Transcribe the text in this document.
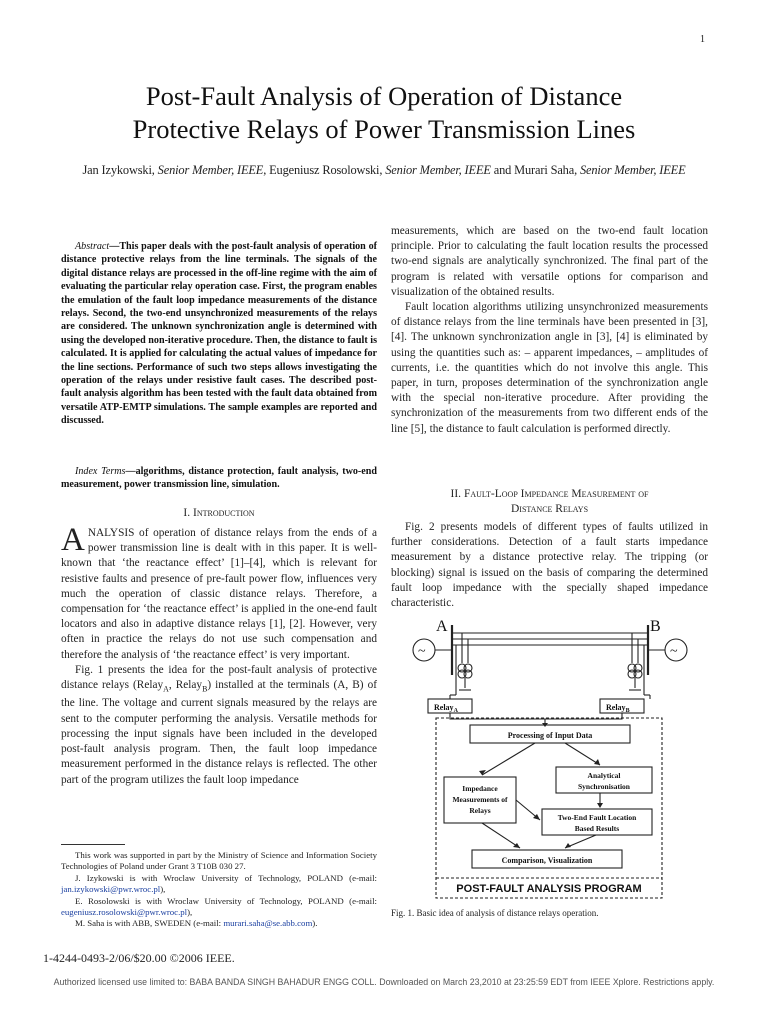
1
Post-Fault Analysis of Operation of Distance
Protective Relays of Power Transmission Lines
Jan Izykowski, Senior Member, IEEE, Eugeniusz Rosolowski, Senior Member, IEEE and Murari Saha, Senior Member, IEEE

Abstract—This paper deals with the post-fault analysis of operation of distance protective relays from the line terminals. The signals of the digital distance relays are processed in the off-line regime with the aim of evaluating the particular relay operation case. First, the program enables the emulation of the fault loop impedance measurements of the distance relays. Second, the two-end unsynchronized measurements of the relays are considered. The unknown synchronization angle is determined with using the developed non-iterative procedure. Then, the distance to fault is calculated. It is applied for calculating the actual values of impedance for the line sections. Performance of such two steps allows investigating the operation of the relays under resistive fault cases. The described post-fault analysis algorithm has been tested with the fault data obtained from versatile ATP-EMTP simulations. The sample examples are reported and discussed.

Index Terms—algorithms, distance protection, fault analysis, two-end measurement, power transmission line, simulation.

I. Introduction

ANALYSIS of operation of distance relays from the ends of a power transmission line is dealt with in this paper. It is well-known that ‘the reactance effect’ [1]–[4], which is relevant for resistive faults and presence of pre-fault power flow, influences very much the operation of classic distance relays. Therefore, a compensation for ‘the reactance effect’ is applied in the one-end fault locators and also in adaptive distance relays [1], [2]. However, very often in practice the relays do not use such compensation and therefore the analysis of ‘the reactance effect’ is very important.

Fig. 1 presents the idea for the post-fault analysis of protective distance relays (Relay$_A$, Relay$_B$) installed at the terminals (A, B) of the line. The voltage and current signals measured by the relays are sent to the computer performing the analysis. Versatile methods for processing the input signals have been included in the developed post-fault analysis program. Then, the fault loop impedance measurement performed in the distance relays is reflected. The other part of the program utilizes the fault loop impedance

This work was supported in part by the Ministry of Science and Information Society Technologies of Poland under Grant 3 T10B 030 27.

J. Izykowski is with Wroclaw University of Technology, POLAND (e-mail: jan.izykowski@pwr.wroc.pl),

E. Rosolowski is with Wroclaw University of Technology, POLAND (e-mail: eugeniusz.rosolowski@pwr.wroc.pl),

M. Saha is with ABB, SWEDEN (e-mail: murari.saha@se.abb.com).

1-4244-0493-2/06/$20.00 ©2006 IEEE.

measurements, which are based on the two-end fault location principle. Prior to calculating the fault location results the processed two-end signals are analytically synchronized. The final part of the program is related with versatile options for comparison and visualization of the obtained results.

Fault location algorithms utilizing unsynchronized measurements of distance relays from the line terminals have been presented in [3], [4]. The unknown synchronization angle in [3], [4] is eliminated by using the quantities such as: – apparent impedances, – amplitudes of currents, i.e. the quantities which do not involve this angle. This paper, in turn, proposes determination of the synchronization angle with the special non-iterative procedure. After providing the synchronization of the measurements from two different ends of the line [5], the distance to fault calculation is performed directly.

II. Fault-Loop Impedance Measurement of
Distance Relays

Fig. 2 presents models of different types of faults utilized in further considerations. Detection of a fault starts impedance measurement by a distance protective relay. The tripping (or blocking) signal is issued on the basis of comparing the determined fault loop impedance with the specially shaped impedance characteristic.

A	B
~	~
Relay$_A$	Relay$_B$
Processing of Input Data
Impedance
Measurements of
Relays
Analytical
Synchronisation
Two-End Fault Location
Based Results
Comparison, Visualization
POST-FAULT ANALYSIS PROGRAM
Fig. 1. Basic idea of analysis of distance relays operation.
Authorized licensed use limited to: BABA BANDA SINGH BAHADUR ENGG COLL. Downloaded on March 23,2010 at 23:25:59 EDT from IEEE Xplore. Restrictions apply.
